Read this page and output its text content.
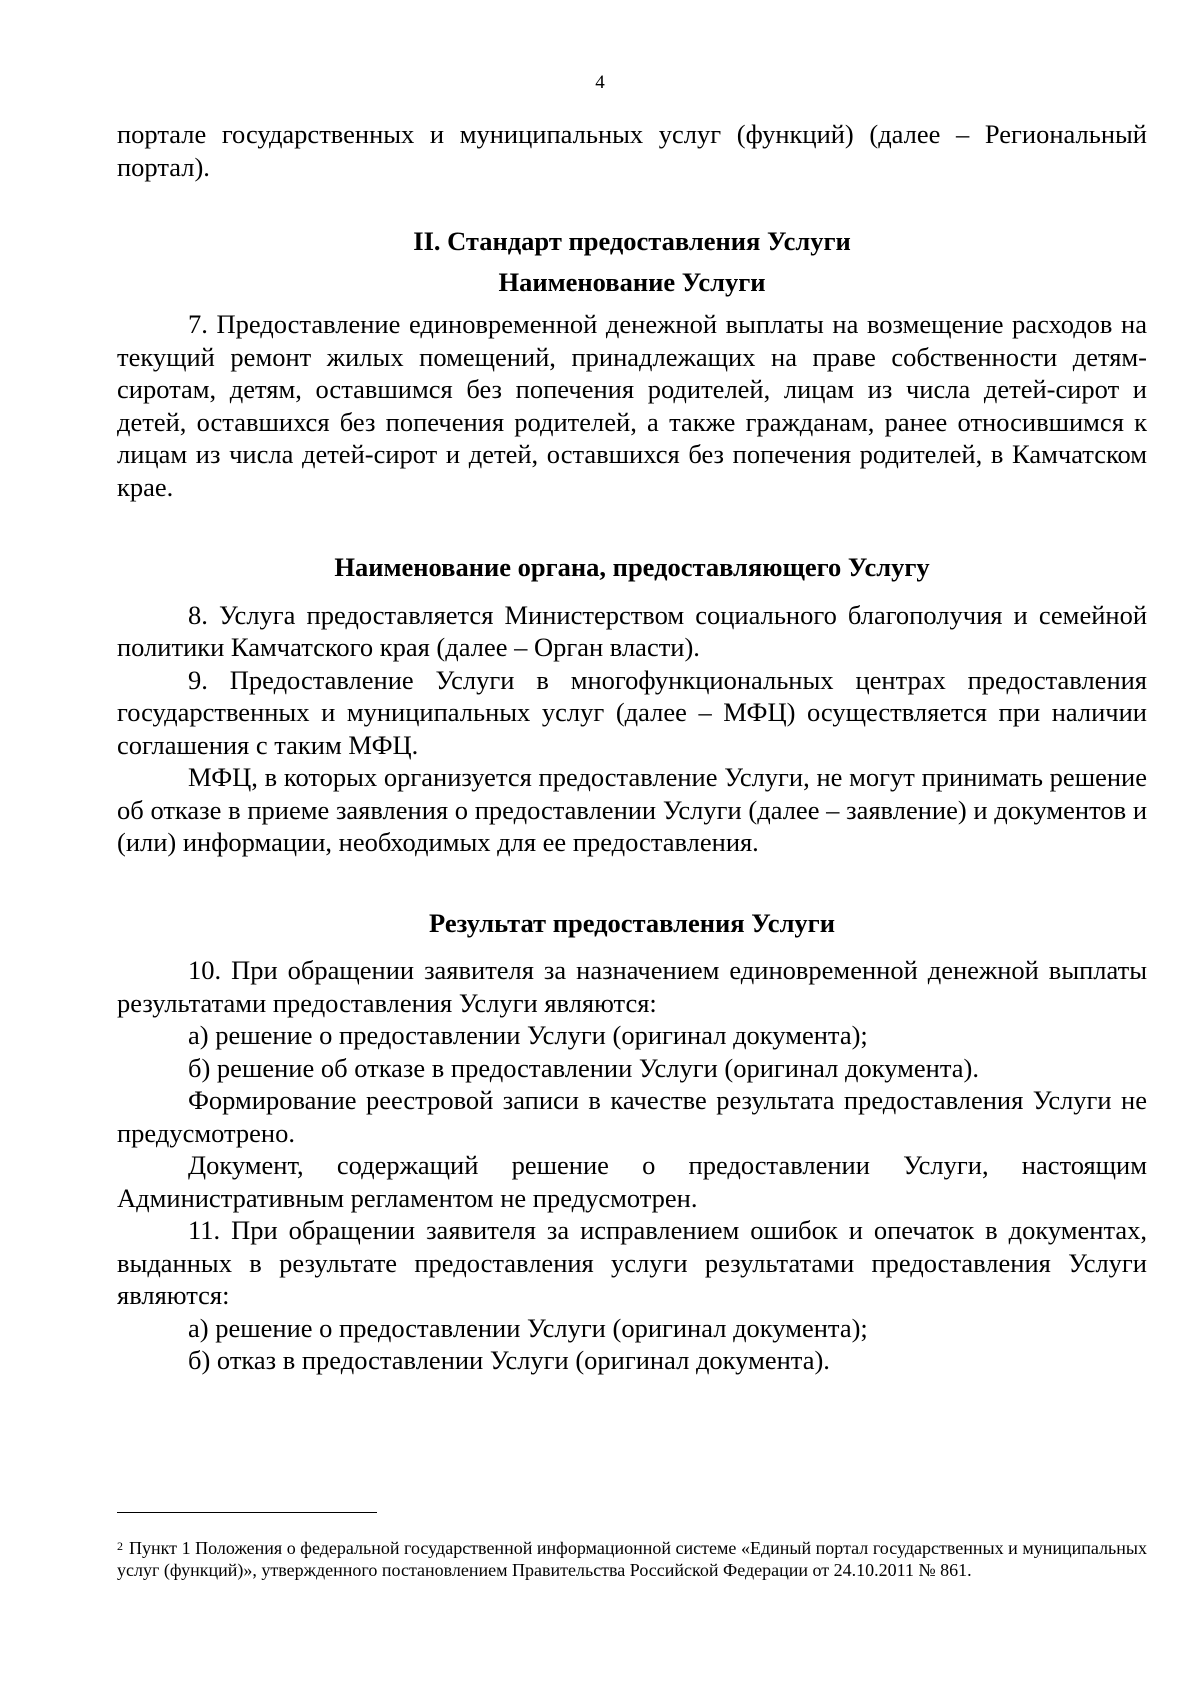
4

портале государственных и муниципальных услуг (функций) (далее – Региональный портал).

II. Стандарт предоставления Услуги
Наименование Услуги

7. Предоставление единовременной денежной выплаты на возмещение расходов на текущий ремонт жилых помещений, принадлежащих на праве собственности детям-сиротам, детям, оставшимся без попечения родителей, лицам из числа детей-сирот и детей, оставшихся без попечения родителей, а также гражданам, ранее относившимся к лицам из числа детей-сирот и детей, оставшихся без попечения родителей, в Камчатском крае.

Наименование органа, предоставляющего Услугу

8. Услуга предоставляется Министерством социального благополучия и семейной политики Камчатского края (далее – Орган власти).

9. Предоставление Услуги в многофункциональных центрах предоставления государственных и муниципальных услуг (далее – МФЦ) осуществляется при наличии соглашения с таким МФЦ.

МФЦ, в которых организуется предоставление Услуги, не могут принимать решение об отказе в приеме заявления о предоставлении Услуги (далее – заявление) и документов и (или) информации, необходимых для ее предоставления.

Результат предоставления Услуги

10. При обращении заявителя за назначением единовременной денежной выплаты результатами предоставления Услуги являются:

а) решение о предоставлении Услуги (оригинал документа);

б) решение об отказе в предоставлении Услуги (оригинал документа).

Формирование реестровой записи в качестве результата предоставления Услуги не предусмотрено.

Документ, содержащий решение о предоставлении Услуги, настоящим Административным регламентом не предусмотрен.

11. При обращении заявителя за исправлением ошибок и опечаток в документах, выданных в результате предоставления услуги результатами предоставления Услуги являются:

а) решение о предоставлении Услуги (оригинал документа);

б) отказ в предоставлении Услуги (оригинал документа).

$^2$ Пункт 1 Положения о федеральной государственной информационной системе «Единый портал государственных и муниципальных услуг (функций)», утвержденного постановлением Правительства Российской Федерации от 24.10.2011 № 861.
